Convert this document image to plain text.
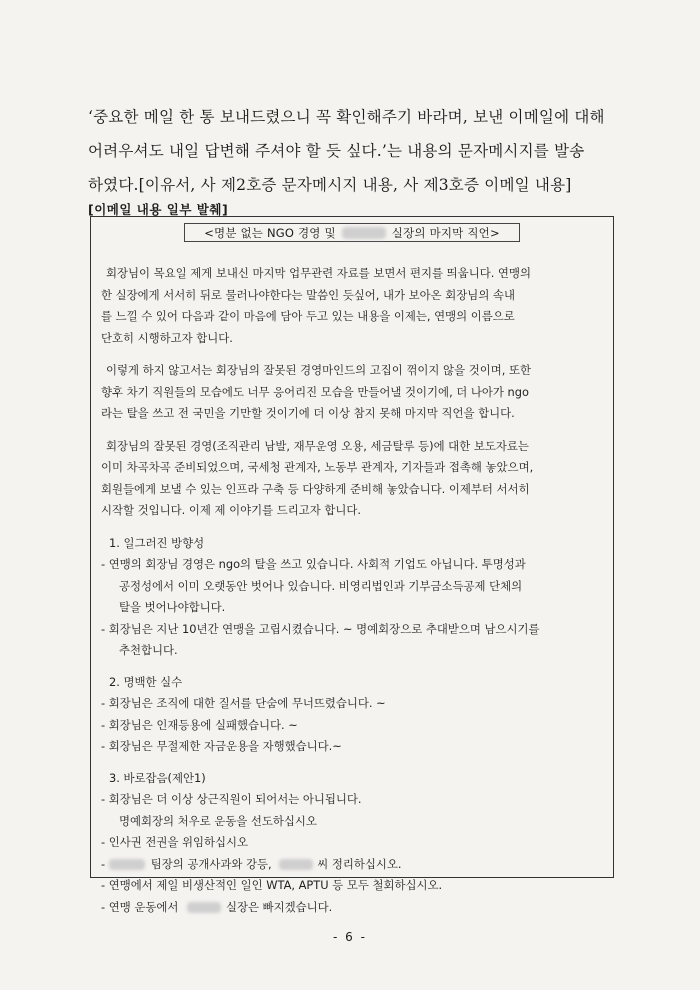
‘중요한 메일 한 통 보내드렸으니 꼭 확인해주기 바라며, 보낸 이메일에 대해

어려우셔도 내일 답변해 주셔야 할 듯 싶다.’는 내용의 문자메시지를 발송

하였다.[이유서, 사 제2호증 문자메시지 내용, 사 제3호증 이메일 내용]

[이메일 내용 일부 발췌]
<명분 없는 NGO 경영 및	실장의 마지막 직언>
회장님이 목요일 제게 보내신 마지막 업무관련 자료를 보면서 편지를 띄웁니다. 연맹의
한 실장에게 서서히 뒤로 물러나야한다는 말씀인 듯싶어, 내가 보아온 회장님의 속내
를 느낄 수 있어 다음과 같이 마음에 담아 두고 있는 내용을 이제는, 연맹의 이름으로
단호히 시행하고자 합니다.
이렇게 하지 않고서는 회장님의 잘못된 경영마인드의 고집이 꺾이지 않을 것이며, 또한
향후 차기 직원들의 모습에도 너무 응어리진 모습을 만들어낼 것이기에, 더 나아가 ngo
라는 탈을 쓰고 전 국민을 기만할 것이기에 더 이상 참지 못해 마지막 직언을 합니다.
회장님의 잘못된 경영(조직관리 남발, 재무운영 오용, 세금탈루 등)에 대한 보도자료는
이미 차곡차곡 준비되었으며, 국세청 관계자, 노동부 관계자, 기자들과 접촉해 놓았으며,
회원들에게 보낼 수 있는 인프라 구축 등 다양하게 준비해 놓았습니다. 이제부터 서서히
시작할 것입니다. 이제 제 이야기를 드리고자 합니다.
1. 일그러진 방향성
- 연맹의 회장님 경영은 ngo의 탈을 쓰고 있습니다. 사회적 기업도 아닙니다. 투명성과
공정성에서 이미 오랫동안 벗어나 있습니다. 비영리법인과 기부금소득공제 단체의
탈을 벗어나야합니다.
- 회장님은 지난 10년간 연맹을 고립시켰습니다. ~ 명예회장으로 추대받으며 남으시기를
추천합니다.
2. 명백한 실수
- 회장님은 조직에 대한 질서를 단숨에 무너뜨렸습니다. ~
- 회장님은 인재등용에 실패했습니다. ~
- 회장님은 무절제한 자금운용을 자행했습니다.~
3. 바로잡음(제안1)
- 회장님은 더 이상 상근직원이 되어서는 아니됩니다.
명예회장의 처우로 운동을 선도하십시오
- 인사권 전권을 위임하십시오
-	팀장의 공개사과와 강등,	씨 정리하십시오.
- 연맹에서 제일 비생산적인 일인 WTA, APTU 등 모두 철회하십시오.
- 연맹 운동에서	실장은 빠지겠습니다.
- 6 -
